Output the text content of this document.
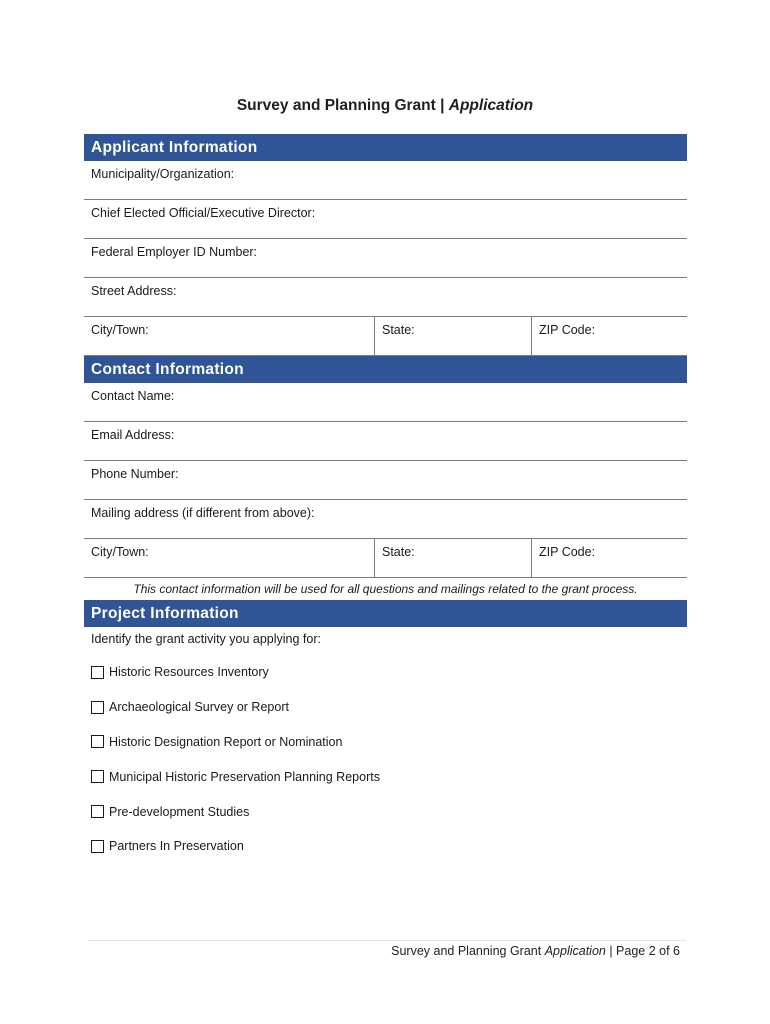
Survey and Planning Grant | Application
Applicant Information
Municipality/Organization:
Chief Elected Official/Executive Director:
Federal Employer ID Number:
Street Address:
City/Town:	State:	ZIP Code:
Contact Information
Contact Name:
Email Address:
Phone Number:
Mailing address (if different from above):
City/Town:	State:	ZIP Code:
This contact information will be used for all questions and mailings related to the grant process.
Project Information
Identify the grant activity you applying for:
Historic Resources Inventory
Archaeological Survey or Report
Historic Designation Report or Nomination
Municipal Historic Preservation Planning Reports
Pre-development Studies
Partners In Preservation
Survey and Planning Grant Application | Page 2 of 6
